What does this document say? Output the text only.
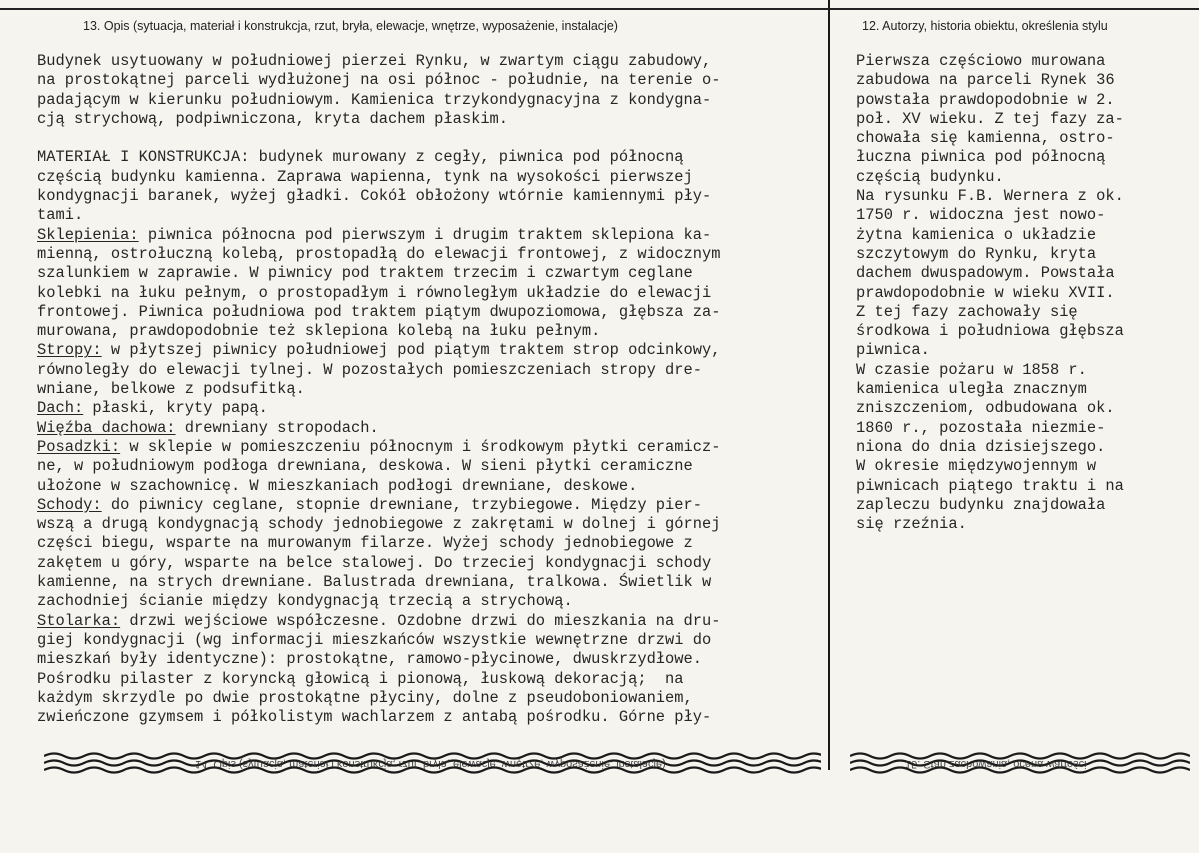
13. Opis (sytuacja, materiał i konstrukcja, rzut, bryła, elewacje, wnętrze, wyposażenie, instalacje)	12. Autorzy, historia obiektu, określenia stylu
Budynek usytuowany w południowej pierzei Rynku, w zwartym ciągu zabudowy,
na prostokątnej parceli wydłużonej na osi północ - południe, na terenie o-
padającym w kierunku południowym. Kamienica trzykondygnacyjna z kondygna-
cją strychową, podpiwniczona, kryta dachem płaskim.
MATERIAŁ I KONSTRUKCJA: budynek murowany z cegły, piwnica pod północną
częścią budynku kamienna. Zaprawa wapienna, tynk na wysokości pierwszej
kondygnacji baranek, wyżej gładki. Cokół obłożony wtórnie kamiennymi pły-
tami.
Sklepienia: piwnica północna pod pierwszym i drugim traktem sklepiona ka-
mienną, ostrołuczną kolebą, prostopadłą do elewacji frontowej, z widocznym
szalunkiem w zaprawie. W piwnicy pod traktem trzecim i czwartym ceglane
kolebki na łuku pełnym, o prostopadłym i równoległym układzie do elewacji
frontowej. Piwnica południowa pod traktem piątym dwupoziomowa, głębsza za-
murowana, prawdopodobnie też sklepiona kolebą na łuku pełnym.
Stropy: w płytszej piwnicy południowej pod piątym traktem strop odcinkowy,
równoległy do elewacji tylnej. W pozostałych pomieszczeniach stropy dre-
wniane, belkowe z podsufitką.
Dach: płaski, kryty papą.
Więźba dachowa: drewniany stropodach.
Posadzki: w sklepie w pomieszczeniu północnym i środkowym płytki ceramicz-
ne, w południowym podłoga drewniana, deskowa. W sieni płytki ceramiczne
ułożone w szachownicę. W mieszkaniach podłogi drewniane, deskowe.
Schody: do piwnicy ceglane, stopnie drewniane, trzybiegowe. Między pier-
wszą a drugą kondygnacją schody jednobiegowe z zakrętami w dolnej i górnej
części biegu, wsparte na murowanym filarze. Wyżej schody jednobiegowe z
zakętem u góry, wsparte na belce stalowej. Do trzeciej kondygnacji schody
kamienne, na strych drewniane. Balustrada drewniana, tralkowa. Świetlik w
zachodniej ścianie między kondygnacją trzecią a strychową.
Stolarka: drzwi wejściowe współczesne. Ozdobne drzwi do mieszkania na dru-
giej kondygnacji (wg informacji mieszkańców wszystkie wewnętrzne drzwi do
mieszkań były identyczne): prostokątne, ramowo-płycinowe, dwuskrzydłowe.
Pośrodku pilaster z koryncką głowicą i pionową, łuskową dekoracją;  na
każdym skrzydle po dwie prostokątne płyciny, dolne z pseudoboniowaniem,
zwieńczone gzymsem i półkolistym wachlarzem z antabą pośrodku. Górne pły-
Pierwsza częściowo murowana
zabudowa na parceli Rynek 36
powstała prawdopodobnie w 2.
poł. XV wieku. Z tej fazy za-
chowała się kamienna, ostro-
łuczna piwnica pod północną
częścią budynku.
Na rysunku F.B. Wernera z ok.
1750 r. widoczna jest nowo-
żytna kamienica o układzie
szczytowym do Rynku, kryta
dachem dwuspadowym. Powstała
prawdopodobnie w wieku XVII.
Z tej fazy zachowały się
środkowa i południowa głębsza
piwnica.
W czasie pożaru w 1858 r.
kamienica uległa znacznym
zniszczeniom, odbudowana ok.
1860 r., pozostała niezmie-
niona do dnia dzisiejszego.
W okresie międzywojennym w
piwnicach piątego traktu i na
zapleczu budynku znajdowała
się rzeźnia.
14. Opis (sytuacja, materiał i konstrukcja, rzut, bryła, elewacje, wnętrze, wyposażenie, instalacje)	15. Stan zachowania, ocena wartości
